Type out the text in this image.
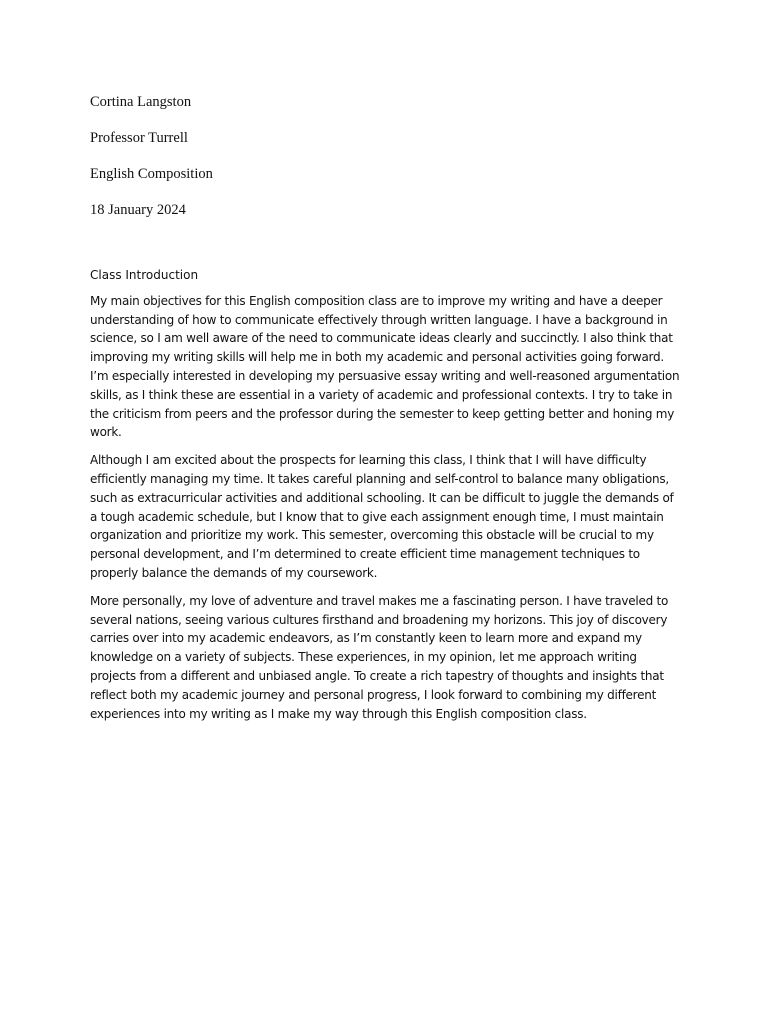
Cortina Langston

Professor Turrell

English Composition

18 January 2024

Class Introduction

My main objectives for this English composition class are to improve my writing and have a deeper understanding of how to communicate effectively through written language. I have a background in science, so I am well aware of the need to communicate ideas clearly and succinctly. I also think that improving my writing skills will help me in both my academic and personal activities going forward. I’m especially interested in developing my persuasive essay writing and well-reasoned argumentation skills, as I think these are essential in a variety of academic and professional contexts. I try to take in the criticism from peers and the professor during the semester to keep getting better and honing my work.

Although I am excited about the prospects for learning this class, I think that I will have difficulty efficiently managing my time. It takes careful planning and self-control to balance many obligations, such as extracurricular activities and additional schooling. It can be difficult to juggle the demands of a tough academic schedule, but I know that to give each assignment enough time, I must maintain organization and prioritize my work. This semester, overcoming this obstacle will be crucial to my personal development, and I’m determined to create efficient time management techniques to properly balance the demands of my coursework.

More personally, my love of adventure and travel makes me a fascinating person. I have traveled to several nations, seeing various cultures firsthand and broadening my horizons. This joy of discovery carries over into my academic endeavors, as I’m constantly keen to learn more and expand my knowledge on a variety of subjects. These experiences, in my opinion, let me approach writing projects from a different and unbiased angle. To create a rich tapestry of thoughts and insights that reflect both my academic journey and personal progress, I look forward to combining my different experiences into my writing as I make my way through this English composition class.
